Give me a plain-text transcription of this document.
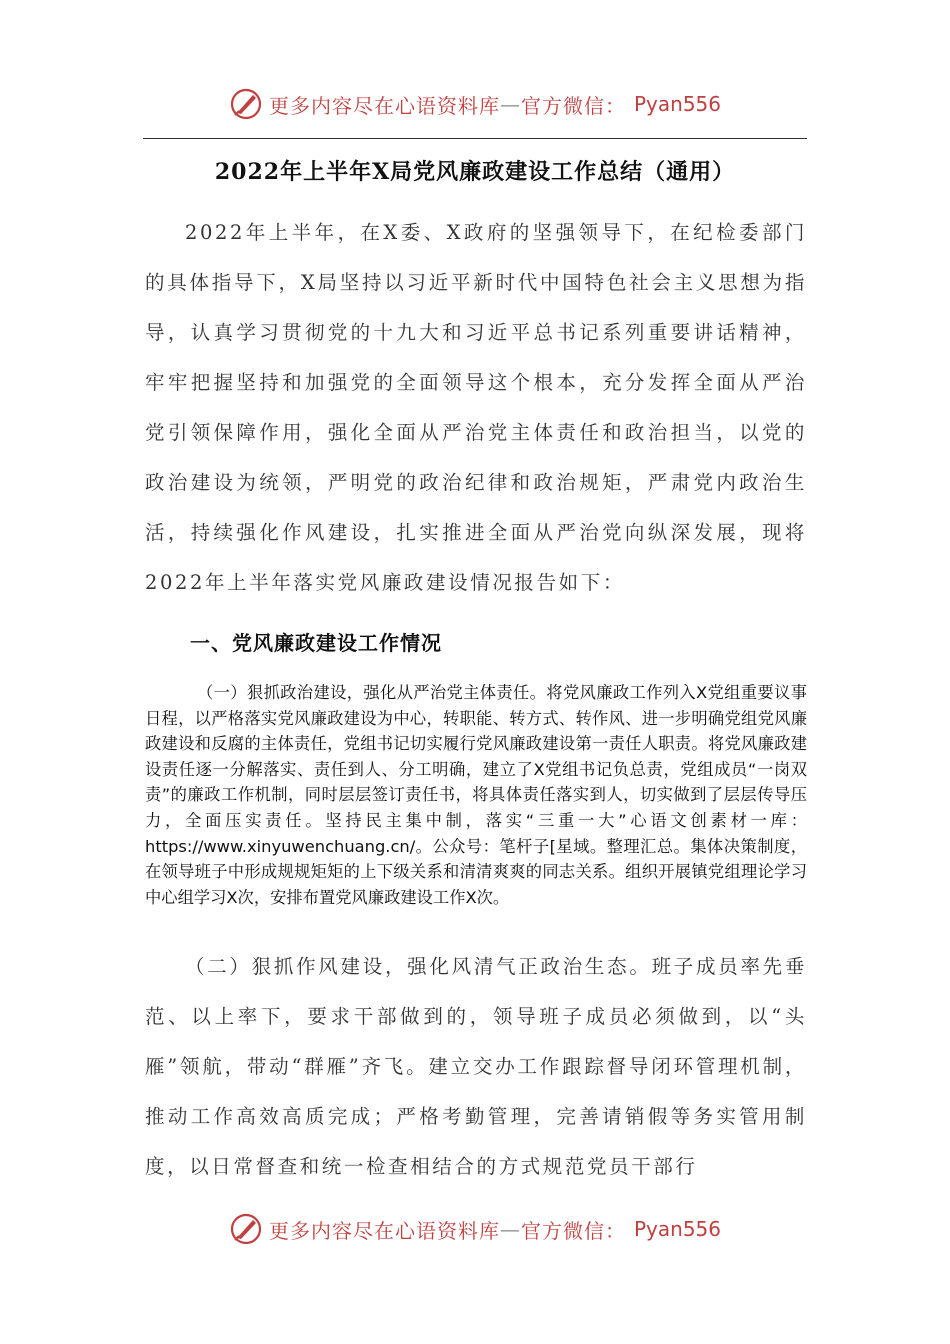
更多内容尽在心语资料库 — 官方微信： Pyan556
2022年上半年X局党风廉政建设工作总结（通用）

2022年上半年，在X委、X政府的坚强领导下，在纪检委部门的具体指导下，X局坚持以习近平新时代中国特色社会主义思想为指导，认真学习贯彻党的十九大和习近平总书记系列重要讲话精神，牢牢把握坚持和加强党的全面领导这个根本，充分发挥全面从严治党引领保障作用，强化全面从严治党主体责任和政治担当，以党的政治建设为统领，严明党的政治纪律和政治规矩，严肃党内政治生活，持续强化作风建设，扎实推进全面从严治党向纵深发展，现将2022年上半年落实党风廉政建设情况报告如下：

一、党风廉政建设工作情况

（一）狠抓政治建设，强化从严治党主体责任。将党风廉政工作列入X党组重要议事日程，以严格落实党风廉政建设为中心，转职能、转方式、转作风、进一步明确党组党风廉政建设和反腐的主体责任，党组书记切实履行党风廉政建设第一责任人职责。将党风廉政建设责任逐一分解落实、责任到人、分工明确，建立了X党组书记负总责，党组成员“一岗双责”的廉政工作机制，同时层层签订责任书，将具体责任落实到人，切实做到了层层传导压力，全面压实责任。坚持民主集中制，落实“三重一大”心语文创素材一库：https://www.xinyuwenchuang.cn/。公众号：笔杆子[星域。整理汇总。集体决策制度，在领导班子中形成规规矩矩的上下级关系和清清爽爽的同志关系。组织开展镇党组理论学习中心组学习X次，安排布置党风廉政建设工作X次。

（二）狠抓作风建设，强化风清气正政治生态。班子成员率先垂范、以上率下，要求干部做到的，领导班子成员必须做到，以“头雁”领航，带动“群雁”齐飞。建立交办工作跟踪督导闭环管理机制，推动工作高效高质完成；严格考勤管理，完善请销假等务实管用制度，以日常督查和统一检查相结合的方式规范党员干部行

更多内容尽在心语资料库 — 官方微信： Pyan556
